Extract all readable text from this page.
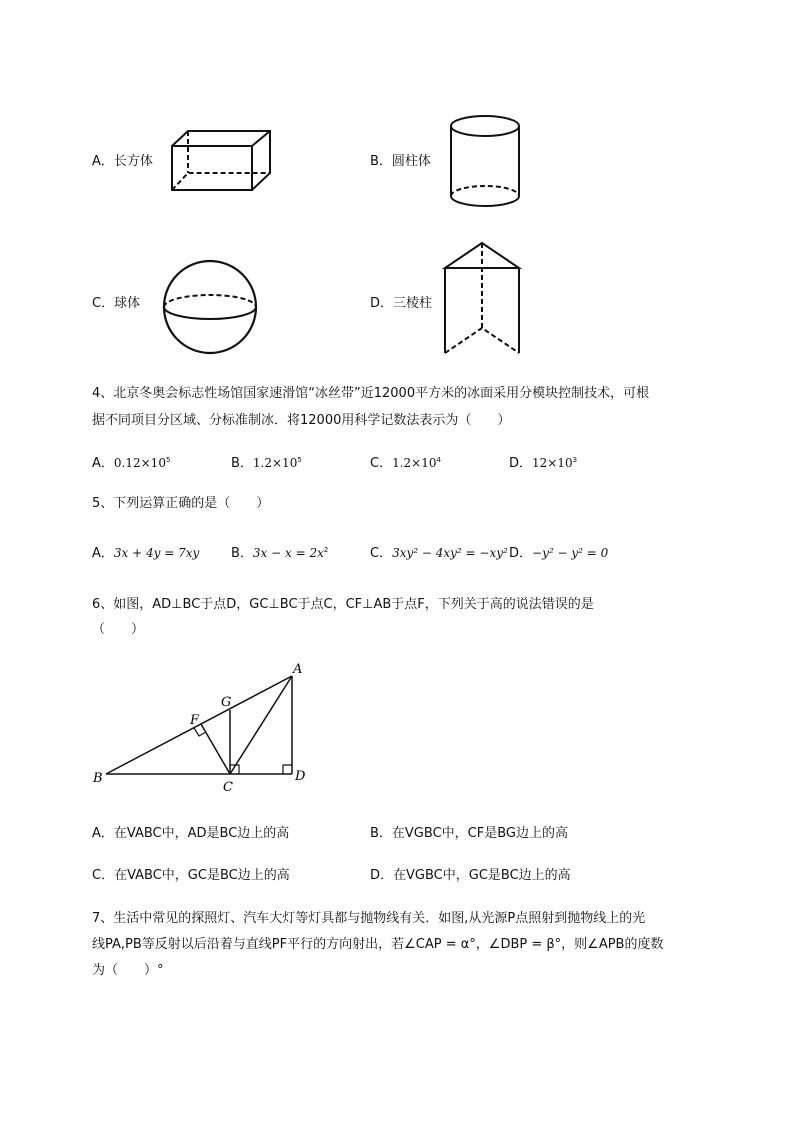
A．长方体	B．圆柱体
C．球体	D．三棱柱
4、北京冬奥会标志性场馆国家速滑馆“冰丝带”近12000平方米的冰面采用分模块控制技术，可根
据不同项目分区域、分标准制冰．将12000用科学记数法表示为（　　）
A．$0.12\times 10^5$	B．$1.2\times 10^5$	C．$1.2\times 10^4$	D．$12\times 10^3$
5、下列运算正确的是（　　）
A．3x + 4y = 7xy B．$3x - x = 2x^2$	C．3xy² − 4xy² = −xy² D．−y² − y² = 0
6、如图，AD⊥BC于点D，GC⊥BC于点C，CF⊥AB于点F，下列关于高的说法错误的是
（　　）
A
B
C
D
F
G
A．在VABC中，AD是BC边上的高	B．在VGBC中，CF是BG边上的高
C．在VABC中，GC是BC边上的高	D．在VGBC中，GC是BC边上的高
7、生活中常见的探照灯、汽车大灯等灯具都与抛物线有关．如图,从光源P点照射到抛物线上的光
线PA,PB等反射以后沿着与直线PF平行的方向射出，若∠CAP = α°，∠DBP = β°，则∠APB的度数
为（　　）°
